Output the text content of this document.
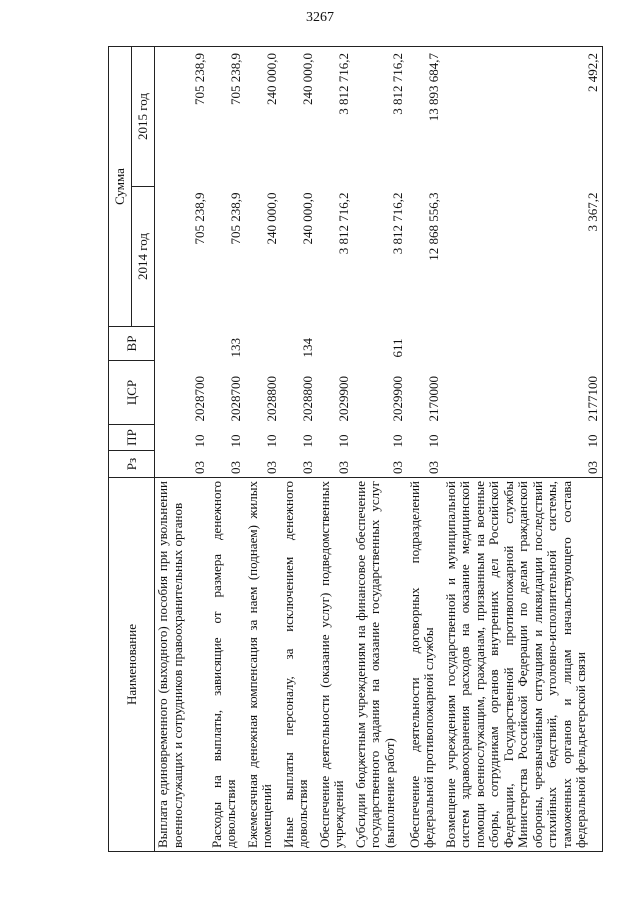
3267
Наименование	Рз	ПР	ЦСР	ВР	Сумма	
					2014 год	2015 год
Выплата единовременного (выходного) пособия при увольнении военнослужащих и сотрудников правоохранительных органов	03	10	2028700		705 238,9	705 238,9
Расходы на выплаты, зависящие от размера денежного довольствия	03	10	2028700	133	705 238,9	705 238,9
Ежемесячная денежная компенсация за наем (поднаем) жилых помещений	03	10	2028800		240 000,0	240 000,0
Иные выплаты персоналу, за исключением денежного довольствия	03	10	2028800	134	240 000,0	240 000,0
Обеспечение деятельности (оказание услуг) подведомственных учреждений	03	10	2029900		3 812 716,2	3 812 716,2
Субсидии бюджетным учреждениям на финансовое обеспечение государственного задания на оказание государственных услуг (выполнение работ)	03	10	2029900	611	3 812 716,2	3 812 716,2
Обеспечение деятельности договорных подразделений федеральной противопожарной службы	03	10	2170000		12 868 556,3	13 893 684,7
Возмещение учреждениям государственной и муниципальной систем здравоохранения расходов на оказание медицинской помощи военнослужащим, гражданам, призванным на военные сборы, сотрудникам органов внутренних дел Российской Федерации, Государственной противопожарной службы Министерства Российской Федерации по делам гражданской обороны, чрезвычайным ситуациям и ликвидации последствий стихийных бедствий, уголовно-исполнительной системы, таможенных органов и лицам начальствующего состава федеральной фельдъегерской связи	03	10	2177100		3 367,2	2 492,2
